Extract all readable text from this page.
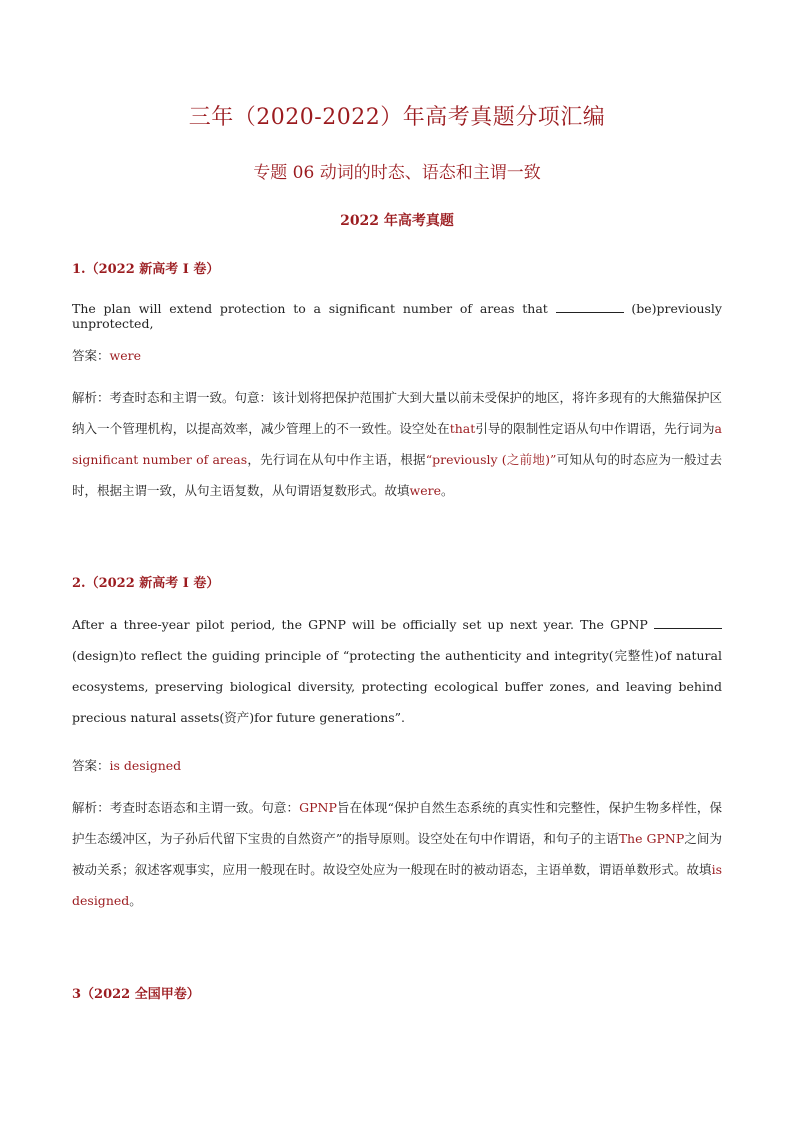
三年（2020-2022）年高考真题分项汇编
专题 06 动词的时态、语态和主谓一致
2022 年高考真题
1.（2022 新高考 I 卷）
The plan will extend protection to a significant number of areas that	(be)previously unprotected,
答案：were
解析：考查时态和主谓一致。句意：该计划将把保护范围扩大到大量以前未受保护的地区，将许多现有的大熊猫保护区纳入一个管理机构，以提高效率，减少管理上的不一致性。设空处在that引导的限制性定语从句中作谓语，先行词为a significant number of areas，先行词在从句中作主语，根据“previously (之前地)”可知从句的时态应为一般过去时，根据主谓一致，从句主语复数，从句谓语复数形式。故填were。
2.（2022 新高考 I 卷）
After a three-year pilot period, the GPNP will be officially set up next year. The GPNP  (design)to reflect the guiding principle of “protecting the authenticity and integrity(完整性)of natural ecosystems, preserving biological diversity, protecting ecological buffer zones, and leaving behind precious natural assets(资产)for future generations”.
答案：is designed
解析：考查时态语态和主谓一致。句意：GPNP旨在体现“保护自然生态系统的真实性和完整性，保护生物多样性，保护生态缓冲区，为子孙后代留下宝贵的自然资产”的指导原则。设空处在句中作谓语，和句子的主语The GPNP之间为被动关系；叙述客观事实，应用一般现在时。故设空处应为一般现在时的被动语态，主语单数，谓语单数形式。故填is designed。
3（2022 全国甲卷）
